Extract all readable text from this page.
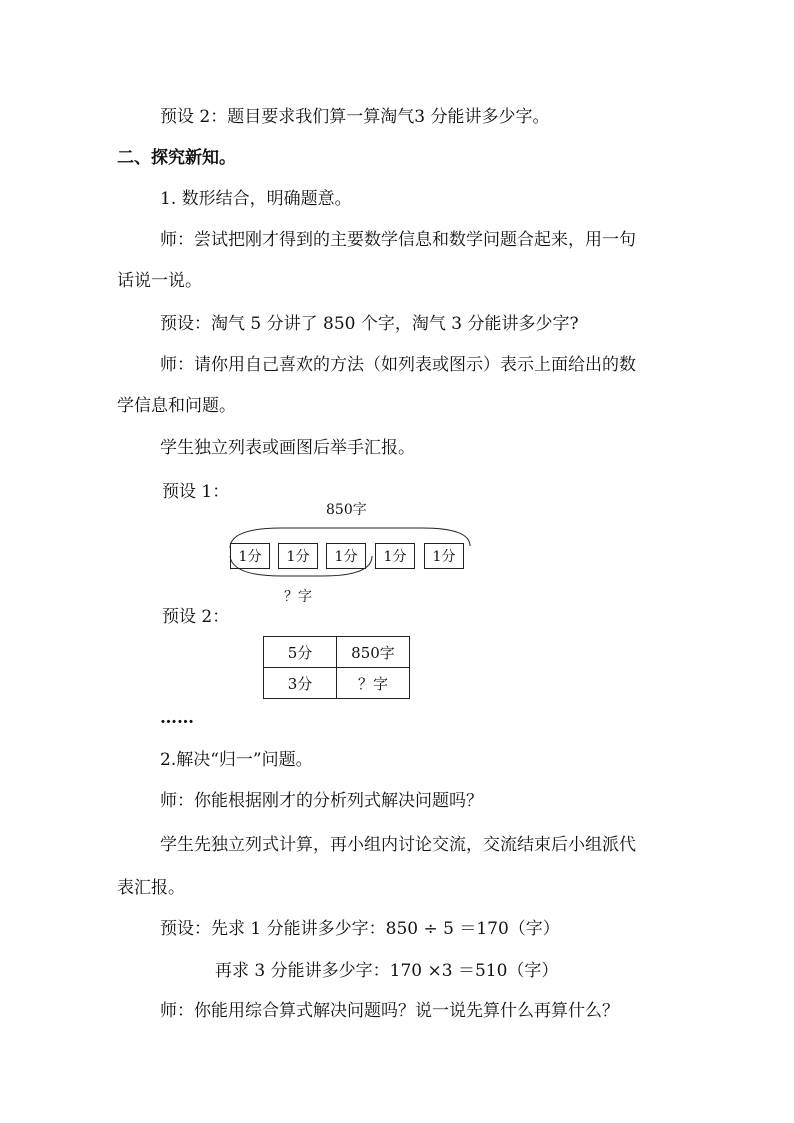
预设 2：题目要求我们算一算淘气3 分能讲多少字。
二、探究新知。
1. 数形结合，明确题意。
师：尝试把刚才得到的主要数学信息和数学问题合起来，用一句
话说一说。
预设：淘气 5 分讲了 850 个字，淘气 3 分能讲多少字?
师：请你用自己喜欢的方法（如列表或图示）表示上面给出的数
学信息和问题。
学生独立列表或画图后举手汇报。
预设 1：
850字
1分	1分	1分	1分	1分
？字
预设 2：
5分	850字
3分	？字
……
2.解决“归一”问题。
师：你能根据刚才的分析列式解决问题吗？
学生先独立列式计算，再小组内讨论交流，交流结束后小组派代
表汇报。
预设：先求 1 分能讲多少字：850 ÷ 5 ＝170（字）
再求 3 分能讲多少字：170 ×3 ＝510（字）
师：你能用综合算式解决问题吗？说一说先算什么再算什么？
